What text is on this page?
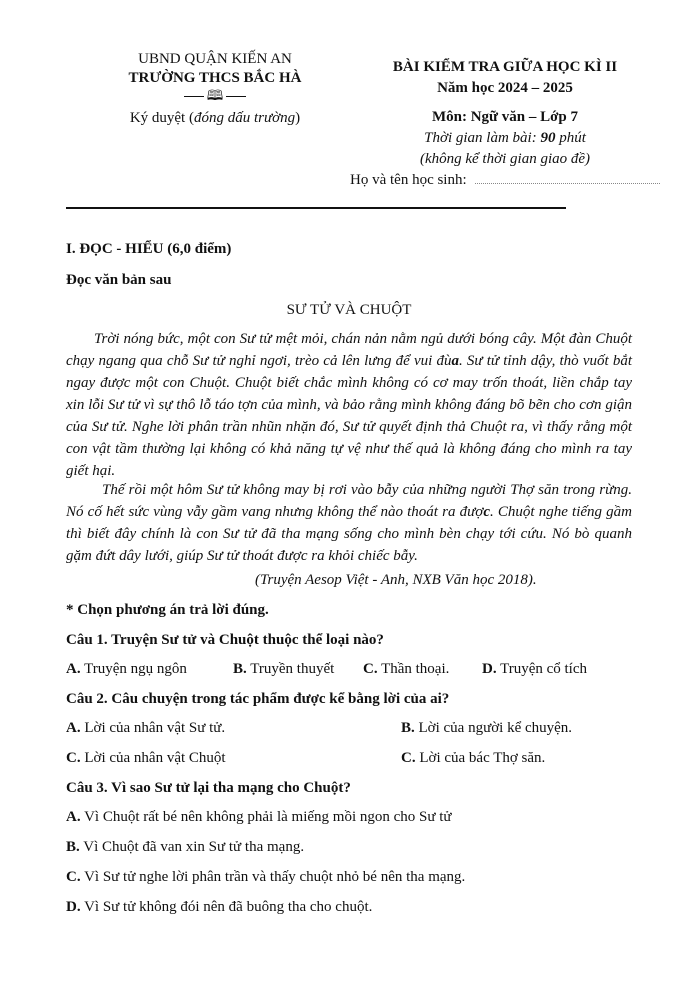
UBND QUẬN KIẾN AN
TRƯỜNG THCS BẮC HÀ
🕮
Ký duyệt (đóng dấu trường)
BÀI KIỂM TRA GIỮA HỌC KÌ II
Năm học 2024 – 2025
Môn: Ngữ văn – Lớp 7
Thời gian làm bài: 90 phút
(không kể thời gian giao đề)
Họ và tên học sinh:
I. ĐỌC - HIỂU (6,0 điểm)
Đọc văn bản sau
SƯ TỬ VÀ CHUỘT
Trời nóng bức, một con Sư tử mệt mỏi, chán nản nằm ngủ dưới bóng cây. Một đàn Chuột chạy ngang qua chỗ Sư tử nghỉ ngơi, trèo cả lên lưng để vui đùa. Sư tử tỉnh dậy, thò vuốt bắt ngay được một con Chuột. Chuột biết chắc mình không có cơ may trốn thoát, liền chắp tay xin lỗi Sư tử vì sự thô lỗ táo tợn của mình, và bảo rằng mình không đáng bõ bẽn cho cơn giận của Sư tử. Nghe lời phân trần nhũn nhặn đó, Sư tử quyết định thả Chuột ra, vì thấy rằng một con vật tầm thường lại không có khả năng tự vệ như thế quả là không đáng cho mình ra tay giết hại.
Thế rồi một hôm Sư tử không may bị rơi vào bẫy của những người Thợ săn trong rừng. Nó cố hết sức vùng vẫy gầm vang nhưng không thể nào thoát ra được. Chuột nghe tiếng gầm thì biết đây chính là con Sư tử đã tha mạng sống cho mình bèn chạy tới cứu. Nó bò quanh gặm đứt dây lưới, giúp Sư tử thoát được ra khỏi chiếc bẫy.
(Truyện Aesop Việt - Anh, NXB Văn học 2018).
* Chọn phương án trả lời đúng.
Câu 1. Truyện Sư tử và Chuột thuộc thể loại nào?
A. Truyện ngụ ngôn	B. Truyền thuyết C. Thần thoại. D. Truyện cổ tích
Câu 2. Câu chuyện trong tác phẩm được kể bằng lời của ai?
A. Lời của nhân vật Sư tử.	B. Lời của người kể chuyện.
C. Lời của nhân vật Chuột	C. Lời của bác Thợ săn.
Câu 3. Vì sao Sư tử lại tha mạng cho Chuột?
A. Vì Chuột rất bé nên không phải là miếng mồi ngon cho Sư tử
B. Vì Chuột đã van xin Sư tử tha mạng.
C. Vì Sư tử nghe lời phân trần và thấy chuột nhỏ bé nên tha mạng.
D. Vì Sư tử không đói nên đã buông tha cho chuột.
